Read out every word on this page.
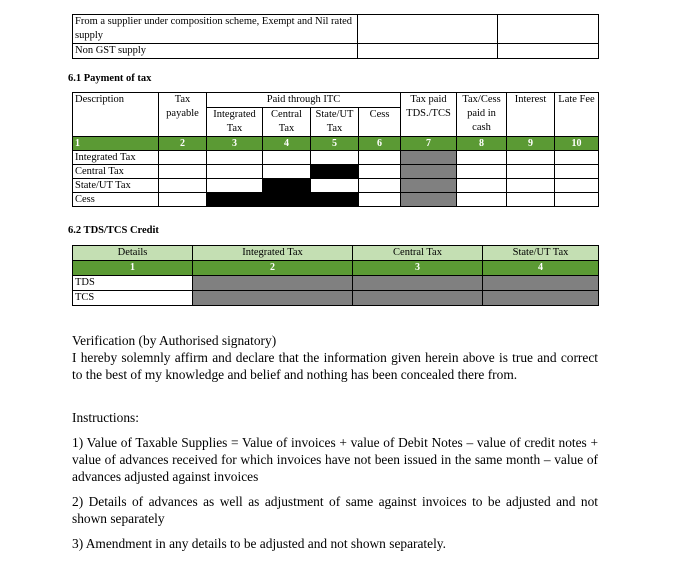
From a supplier under composition scheme, Exempt and Nil rated supply		
Non GST supply		
6.1 Payment of tax
Description	Tax payable	Paid through ITC				Tax paid TDS./TCS	Tax/Cess paid in cash	Interest	Late Fee
		Integrated Tax	Central Tax	State/UT Tax	Cess				
1	2	3	4	5	6	7	8	9	10
Integrated Tax									
Central Tax									
State/UT Tax									
Cess									
6.2 TDS/TCS Credit
Details	Integrated Tax	Central Tax	State/UT Tax
1	2	3	4
TDS			
TCS			
Verification (by Authorised signatory)
I hereby solemnly affirm and declare that the information given herein above is true and correct to the best of my knowledge and belief and nothing has been concealed there from.
Instructions:
1) Value of Taxable Supplies = Value of invoices + value of Debit Notes – value of credit notes + value of advances received for which invoices have not been issued in the same month – value of advances adjusted against invoices
2) Details of advances as well as adjustment of same against invoices to be adjusted and not shown separately
3) Amendment in any details to be adjusted and not shown separately.
